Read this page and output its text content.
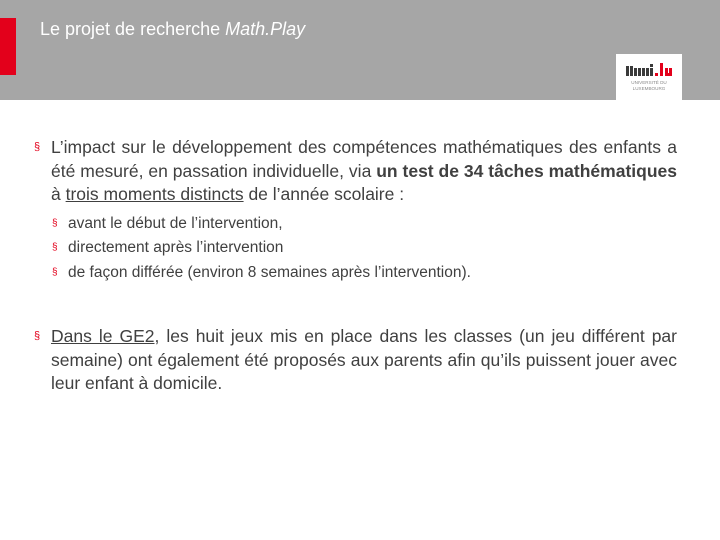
Le projet de recherche Math.Play
UNIVERSITÉ DU
LUXEMBOURG
§ L’impact sur le développement des compétences mathématiques des enfants a été mesuré, en passation individuelle, via un test de 34 tâches mathématiques à trois moments distincts de l’année scolaire :
§ avant le début de l’intervention,
§ directement après l’intervention
§ de façon différée (environ 8 semaines après l’intervention).
§ Dans le GE2, les huit jeux mis en place dans les classes (un jeu différent par semaine) ont également été proposés aux parents afin qu’ils puissent jouer avec leur enfant à domicile.
